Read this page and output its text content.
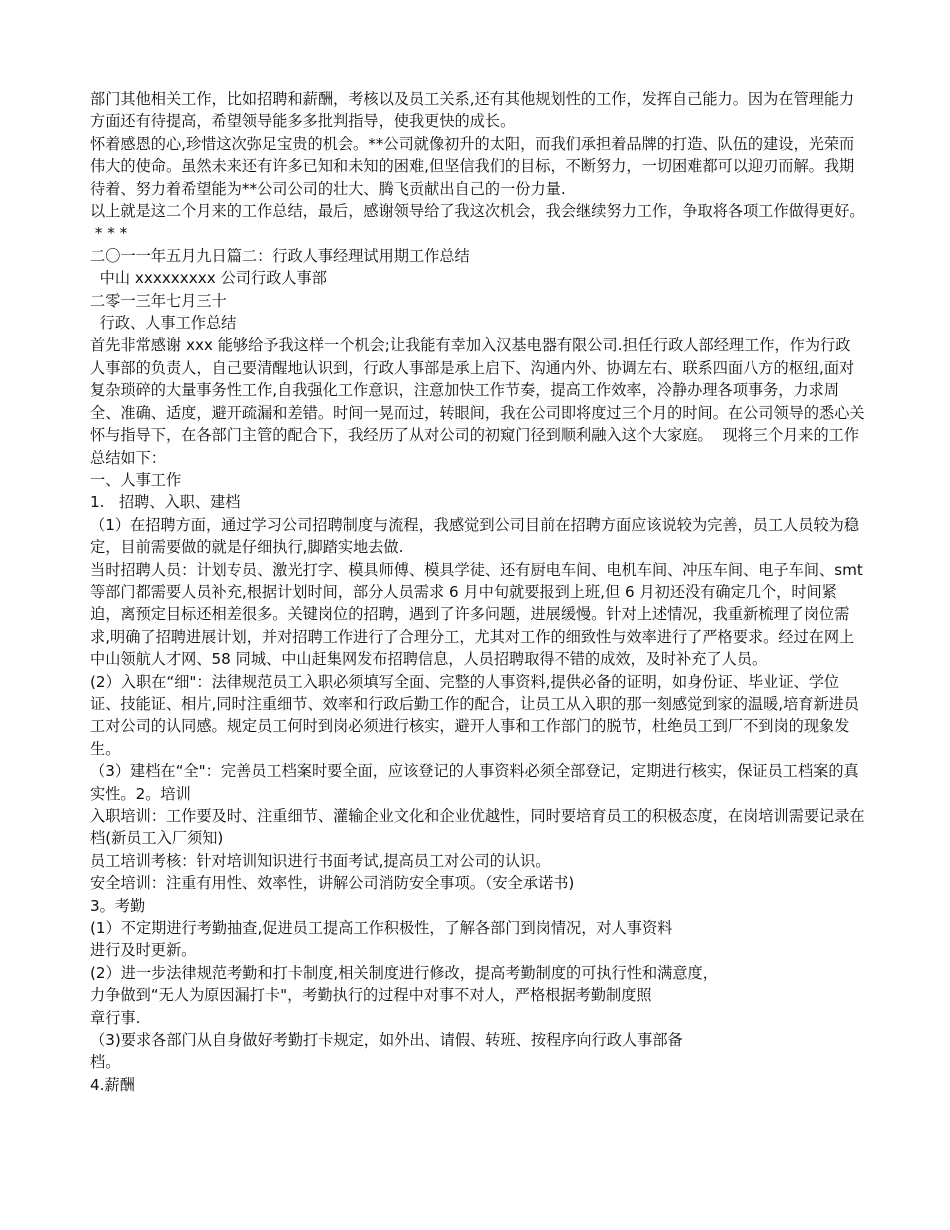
部门其他相关工作，比如招聘和薪酬，考核以及员工关系,还有其他规划性的工作，发挥自己能力。因为在管理能力方面还有待提高，希望领导能多多批判指导，使我更快的成长。

怀着感恩的心,珍惜这次弥足宝贵的机会。**公司就像初升的太阳，而我们承担着品牌的打造、队伍的建设，光荣而伟大的使命。虽然未来还有许多已知和未知的困难,但坚信我们的目标，不断努力，一切困难都可以迎刃而解。我期待着、努力着希望能为**公司公司的壮大、腾飞贡献出自己的一份力量.

以上就是这二个月来的工作总结，最后，感谢领导给了我这次机会，我会继续努力工作，争取将各项工作做得更好。

* * *

二〇一一年五月九日篇二：行政人事经理试用期工作总结

中山 xxxxxxxxx 公司行政人事部

二零一三年七月三十

行政、人事工作总结

首先非常感谢 xxx 能够给予我这样一个机会;让我能有幸加入汉基电器有限公司.担任行政人部经理工作，作为行政人事部的负责人，自己要清醒地认识到，行政人事部是承上启下、沟通内外、协调左右、联系四面八方的枢纽,面对复杂琐碎的大量事务性工作,自我强化工作意识，注意加快工作节奏，提高工作效率，冷静办理各项事务，力求周全、准确、适度，避开疏漏和差错。时间一晃而过，转眼间，我在公司即将度过三个月的时间。在公司领导的悉心关怀与指导下，在各部门主管的配合下，我经历了从对公司的初窥门径到顺利融入这个大家庭。  现将三个月来的工作总结如下：

一、人事工作

1.   招聘、入职、建档

（1）在招聘方面，通过学习公司招聘制度与流程，我感觉到公司目前在招聘方面应该说较为完善，员工人员较为稳定，目前需要做的就是仔细执行,脚踏实地去做.

当时招聘人员：计划专员、激光打字、模具师傅、模具学徒、还有厨电车间、电机车间、冲压车间、电子车间、smt 等部门都需要人员补充,根据计划时间，部分人员需求 6 月中旬就要报到上班,但 6 月初还没有确定几个，时间紧迫，离预定目标还相差很多。关键岗位的招聘，遇到了许多问题，进展缓慢。针对上述情况，我重新梳理了岗位需求,明确了招聘进展计划，并对招聘工作进行了合理分工，尤其对工作的细致性与效率进行了严格要求。经过在网上中山领航人才网、58 同城、中山赶集网发布招聘信息，人员招聘取得不错的成效，及时补充了人员。

(2）入职在“细"：法律规范员工入职必须填写全面、完整的人事资料,提供必备的证明，如身份证、毕业证、学位证、技能证、相片,同时注重细节、效率和行政后勤工作的配合，让员工从入职的那一刻感觉到家的温暖,培育新进员工对公司的认同感。规定员工何时到岗必须进行核实，避开人事和工作部门的脱节，杜绝员工到厂不到岗的现象发生。

（3）建档在“全"：完善员工档案时要全面，应该登记的人事资料必须全部登记，定期进行核实，保证员工档案的真实性。2。培训

入职培训：工作要及时、注重细节、灌输企业文化和企业优越性，同时要培育员工的积极态度，在岗培训需要记录在档(新员工入厂须知)

员工培训考核：针对培训知识进行书面考试,提高员工对公司的认识。

安全培训：注重有用性、效率性，讲解公司消防安全事项。（安全承诺书)

3。考勤

(1）不定期进行考勤抽查,促进员工提高工作积极性，了解各部门到岗情况，对人事资料

进行及时更新。

(2）进一步法律规范考勤和打卡制度,相关制度进行修改，提高考勤制度的可执行性和满意度，

力争做到“无人为原因漏打卡"，考勤执行的过程中对事不对人，严格根据考勤制度照

章行事.

（3)要求各部门从自身做好考勤打卡规定，如外出、请假、转班、按程序向行政人事部备

档。

4.薪酬
